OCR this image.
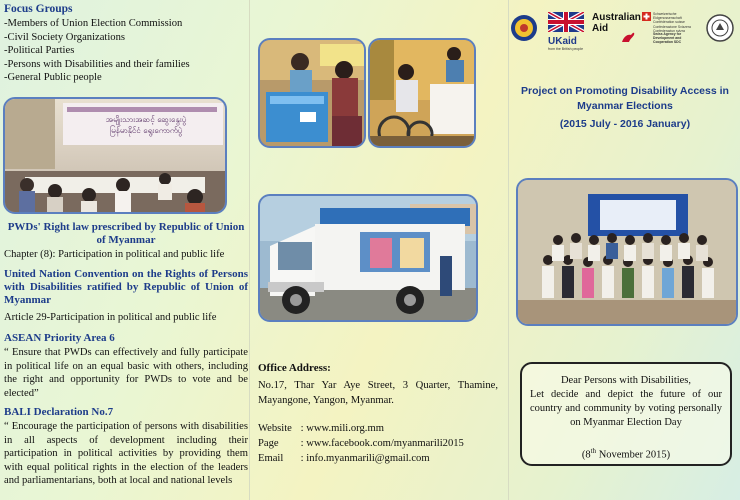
Focus Groups
-Members of Union Election Commission
-Civil Society Organizations
-Political Parties
-Persons with Disabilities and their families
-General Public people
အမျိုးသားအဆင့် ဆွေးနွေးပွဲ
မြန်မာနိုင်ငံ ရွေးကောက်ပွဲ
PWDs' Right law prescribed by Republic of Union of Myanmar
Chapter (8): Participation in political and public life
United Nation Convention on the Rights of Persons with Disabilities ratified by Republic of Union of Myanmar
Article 29-Participation in political and public life
ASEAN Priority Area 6
“ Ensure that PWDs can effectively and fully participate in political life on an equal basic with others, including the right and opportunity for PWDs to vote and be elected”
BALI Declaration No.7
“ Encourage the participation of persons with disabilities in all aspects of development including their participation in political activities by providing them with equal political rights in the election of the leaders and parliamentarians, both at local and national levels
Office Address:
No.17, Thar Yar Aye Street, 3 Quarter, Thamine, Mayangone, Yangon, Myanmar.
Website : www.mili.org.mm
Page : www.facebook.com/myanmarili2015
Email : info.myanmarili@gmail.com
UKaid
from the British people
Australian
Aid
Schweizerische Eidgenossenschaft Confédération suisse Confederazione Svizzera Confederaziun svizra
Swiss Agency for Development and Cooperation SDC
Project on Promoting Disability Access in Myanmar Elections
(2015 July - 2016 January)
Dear Persons with Disabilities,
Let decide and depict the future of our country and community by voting personally on Myanmar Election Day
(8th November 2015)
